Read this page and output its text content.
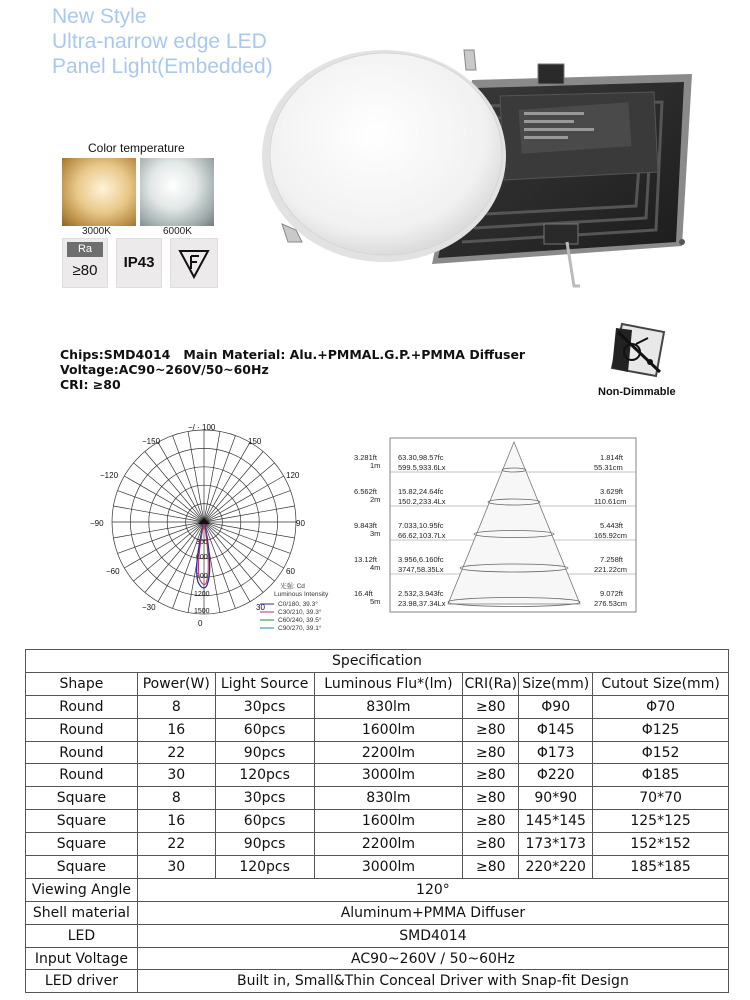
New Style
Ultra-narrow edge LED
Panel Light(Embedded)
Color temperature
3000K	6000K
Ra
≥80	IP43
Chips:SMD4014   Main Material: Alu.+PMMAL.G.P.+PMMA Diffuser
Voltage:AC90~260V/50~60Hz
CRI: ≥80	Non-Dimmable
−/ · 100
−150	150
−120	120
−90	90
−60	60
−30	30
0
300
600
900
1200
1500
光强: Cd
Luminous Intensity
C0/180, 39.3°
C30/210, 39.3°
C60/240, 39.5°
C90/270, 39.1°
3.281ft
1m
63.30,98.57fc
599.5,933.6Lx
1.814ft
55.31cm
6.562ft
2m
15.82,24.64fc
150.2,233.4Lx
3.629ft
110.61cm
9.843ft
3m
7.033,10.95fc
66.62,103.7Lx
5.443ft
165.92cm
13.12ft
4m
3.956,6.160fc
3747,58.35Lx
7.258ft
221.22cm
16.4ft
5m
2.532,3.943fc
23.98,37.34Lx
9.072ft
276.53cm
Specification						
Shape	Power(W)	Light Source	Luminous Flu*(lm)	CRI(Ra)	Size(mm)	Cutout Size(mm)
Round	8	30pcs	830lm	≥80	Φ90	Φ70
Round	16	60pcs	1600lm	≥80	Φ145	Φ125
Round	22	90pcs	2200lm	≥80	Φ173	Φ152
Round	30	120pcs	3000lm	≥80	Φ220	Φ185
Square	8	30pcs	830lm	≥80	90*90	70*70
Square	16	60pcs	1600lm	≥80	145*145	125*125
Square	22	90pcs	2200lm	≥80	173*173	152*152
Square	30	120pcs	3000lm	≥80	220*220	185*185
Viewing Angle	120°					
Shell material	Aluminum+PMMA Diffuser					
LED	SMD4014					
Input Voltage	AC90~260V / 50~60Hz					
LED driver	Built in, Small&Thin Conceal Driver with Snap-fit Design					
